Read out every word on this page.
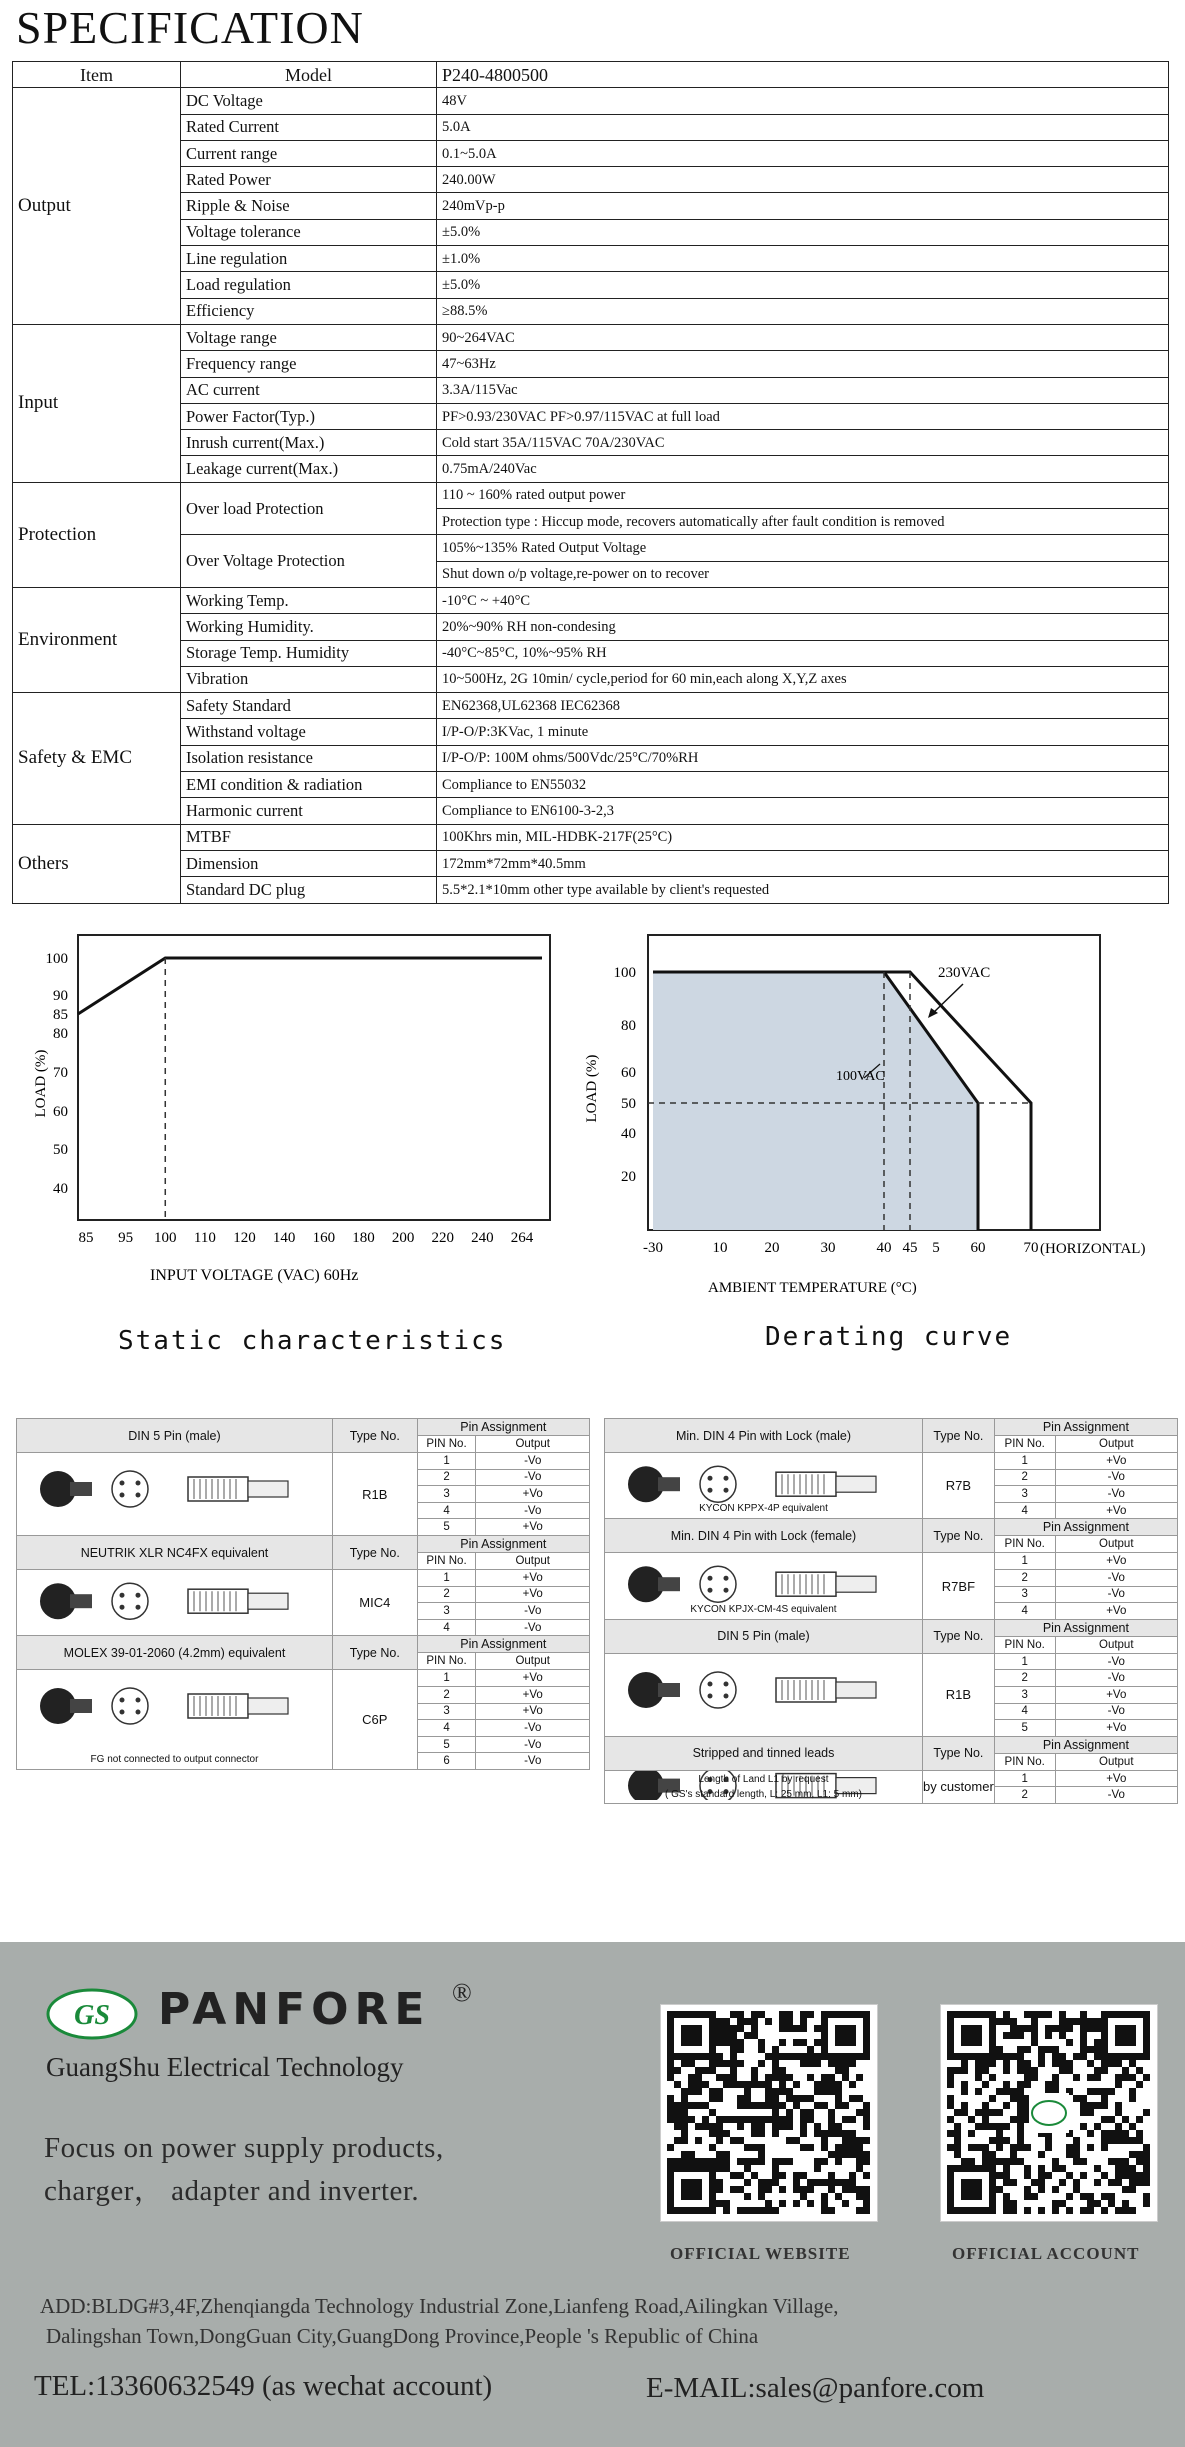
SPECIFICATION
Item	Model	P240-4800500
Output	DC Voltage	48V
	Rated Current	5.0A
	Current range	0.1~5.0A
	Rated Power	240.00W
	Ripple & Noise	240mVp-p
	Voltage tolerance	±5.0%
	Line regulation	±1.0%
	Load regulation	±5.0%
	Efficiency	≥88.5%
Input	Voltage range	90~264VAC
	Frequency range	47~63Hz
	AC current	3.3A/115Vac
	Power Factor(Typ.)	PF>0.93/230VAC PF>0.97/115VAC at full load
	Inrush current(Max.)	Cold start 35A/115VAC 70A/230VAC
	Leakage current(Max.)	0.75mA/240Vac
Protection	Over load Protection	110 ~ 160% rated output power
		Protection type : Hiccup mode, recovers automatically after fault condition is removed
	Over Voltage Protection	105%~135% Rated Output Voltage
		Shut down o/p voltage,re-power on to recover
Environment	Working Temp.	-10°C ~ +40°C
	Working Humidity.	20%~90% RH non-condesing
	Storage Temp. Humidity	-40°C~85°C, 10%~95% RH
	Vibration	10~500Hz, 2G 10min/ cycle,period for 60 min,each along X,Y,Z axes
Safety & EMC	Safety Standard	EN62368,UL62368 IEC62368
	Withstand voltage	I/P-O/P:3KVac, 1 minute
	Isolation resistance	I/P-O/P: 100M ohms/500Vdc/25°C/70%RH
	EMI condition & radiation	Compliance to EN55032
	Harmonic current	Compliance to EN6100-3-2,3
Others	MTBF	100Khrs min, MIL-HDBK-217F(25°C)
	Dimension	172mm*72mm*40.5mm
	Standard DC plug	5.5*2.1*10mm other type available by client's requested
40
50
60
70
80
85
90
100
85 95 100 110 120 140 160 180 200 220 240 264
INPUT VOLTAGE (VAC) 60Hz
LOAD (%)
Static characteristics
20
40
50
60
80
100
-30	10 20	30	40 45 5 60	70
230VAC
100VAC
AMBIENT TEMPERATURE (°C)
(HORIZONTAL)
LOAD (%)
Derating curve
DIN 5 Pin (male)	Type No.	Pin Assignment	
		PIN No.	Output
	R1B	1	-Vo
		2	-Vo
		3	+Vo
		4	-Vo
		5	+Vo
NEUTRIK XLR NC4FX equivalent	Type No.	Pin Assignment	
		PIN No.	Output
	MIC4	1	+Vo
		2	+Vo
		3	-Vo
		4	-Vo
MOLEX 39-01-2060 (4.2mm) equivalent	Type No.	Pin Assignment	
		PIN No.	Output

FG not connected to output connector	C6P	1	+Vo
		2	+Vo
		3	+Vo
		4	-Vo
		5	-Vo
		6	-Vo
Min. DIN 4 Pin with Lock (male)	Type No.	Pin Assignment	
		PIN No.	Output

KYCON KPPX-4P equivalent	R7B	1	+Vo
		2	-Vo
		3	-Vo
		4	+Vo
Min. DIN 4 Pin with Lock (female)	Type No.	Pin Assignment	
		PIN No.	Output

KYCON KPJX-CM-4S equivalent	R7BF	1	+Vo
		2	-Vo
		3	-Vo
		4	+Vo
DIN 5 Pin (male)	Type No.	Pin Assignment	
		PIN No.	Output
	R1B	1	-Vo
		2	-Vo
		3	+Vo
		4	-Vo
		5	+Vo
Stripped and tinned leads	Type No.	Pin Assignment	
		PIN No.	Output

Length of Land L1 by request
( GS's standard length, L: 25 mm, L1: 5 mm)	by customer	1	+Vo
		2	-Vo
GS PANFORE ®
GuangShu Electrical Technology
Focus on power supply products,
charger， adapter and inverter.
OFFICIAL WEBSITE	OFFICIAL ACCOUNT
ADD:BLDG#3,4F,Zhenqiangda Technology Industrial Zone,Lianfeng Road,Ailingkan Village,
Dalingshan Town,DongGuan City,GuangDong Province,People 's Republic of China
TEL:13360632549 (as wechat account)	E-MAIL:sales@panfore.com
